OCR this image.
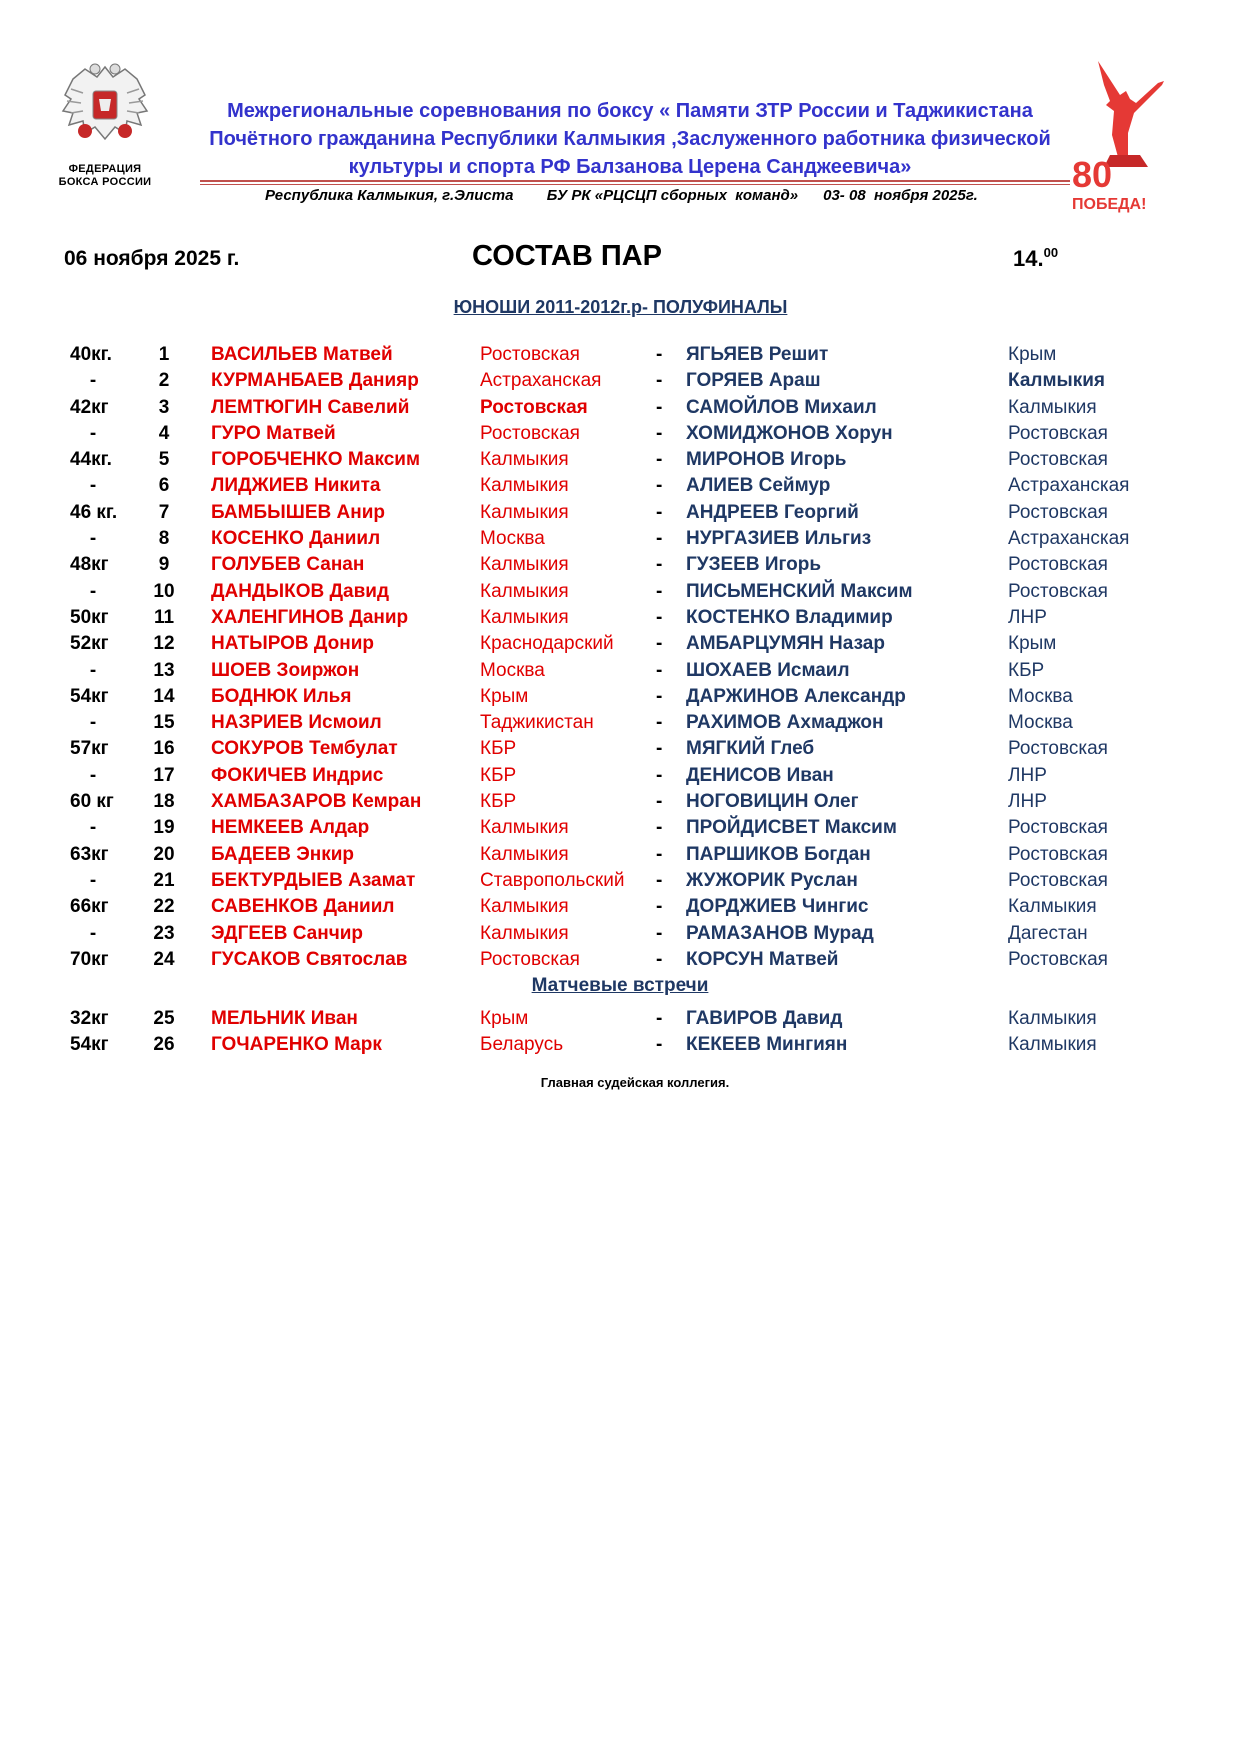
ФЕДЕРАЦИЯ
БОКСА РОССИИ	80
ПОБЕДА!
Межрегиональные соревнования по боксу « Памяти ЗТР России и Таджикистана
Почётного гражданина Республики Калмыкия ,Заслуженного работника физической
культуры и спорта РФ Балзанова Церена Санджеевича»
Республика Калмыкия, г.Элиста        БУ РК «РЦСЦП сборных  команд»      03- 08  ноября 2025г.
06 ноября 2025 г.	СОСТАВ ПАР	14.00
ЮНОШИ 2011-2012г.р- ПОЛУФИНАЛЫ
40кг.	1	ВАСИЛЬЕВ Матвей	Ростовская	- ЯГЬЯЕВ Решит	Крым
-	2	КУРМАНБАЕВ Данияр	Астраханская	- ГОРЯЕВ Араш	Калмыкия
42кг	3	ЛЕМТЮГИН Савелий	Ростовская	- САМОЙЛОВ Михаил	Калмыкия
-	4	ГУРО Матвей	Ростовская	- ХОМИДЖОНОВ Хорун	Ростовская
44кг.	5	ГОРОБЧЕНКО Максим	Калмыкия	- МИРОНОВ Игорь	Ростовская
-	6	ЛИДЖИЕВ Никита	Калмыкия	- АЛИЕВ Сеймур	Астраханская
46 кг.	7	БАМБЫШЕВ Анир	Калмыкия	- АНДРЕЕВ Георгий	Ростовская
-	8	КОСЕНКО Даниил	Москва	- НУРГАЗИЕВ Ильгиз	Астраханская
48кг	9	ГОЛУБЕВ Санан	Калмыкия	- ГУЗЕЕВ Игорь	Ростовская
-	10 ДАНДЫКОВ Давид	Калмыкия	- ПИСЬМЕНСКИЙ Максим	Ростовская
50кг	11 ХАЛЕНГИНОВ Данир	Калмыкия	- КОСТЕНКО Владимир	ЛНР
52кг	12 НАТЫРОВ Донир	Краснодарский - АМБАРЦУМЯН Назар	Крым
-	13 ШОЕВ Зоиржон	Москва	- ШОХАЕВ Исмаил	КБР
54кг	14 БОДНЮК Илья	Крым	- ДАРЖИНОВ Александр	Москва
-	15 НАЗРИЕВ Исмоил	Таджикистан	- РАХИМОВ Ахмаджон	Москва
57кг	16 СОКУРОВ Тембулат	КБР	- МЯГКИЙ Глеб	Ростовская
-	17 ФОКИЧЕВ Индрис	КБР	- ДЕНИСОВ Иван	ЛНР
60 кг	18 ХАМБАЗАРОВ Кемран	КБР	- НОГОВИЦИН Олег	ЛНР
-	19 НЕМКЕЕВ Алдар	Калмыкия	- ПРОЙДИСВЕТ Максим	Ростовская
63кг	20 БАДЕЕВ Энкир	Калмыкия	- ПАРШИКОВ Богдан	Ростовская
-	21 БЕКТУРДЫЕВ Азамат	Ставропольский - ЖУЖОРИК Руслан	Ростовская
66кг	22 САВЕНКОВ Даниил	Калмыкия	- ДОРДЖИЕВ Чингис	Калмыкия
-	23 ЭДГЕЕВ Санчир	Калмыкия	- РАМАЗАНОВ Мурад	Дагестан
70кг	24 ГУСАКОВ Святослав	Ростовская	- КОРСУН Матвей	Ростовская
Матчевые встречи
32кг	25 МЕЛЬНИК Иван	Крым	- ГАВИРОВ Давид	Калмыкия
54кг	26 ГОЧАРЕНКО Марк	Беларусь	- КЕКЕЕВ Мингиян	Калмыкия
Главная судейская коллегия.
